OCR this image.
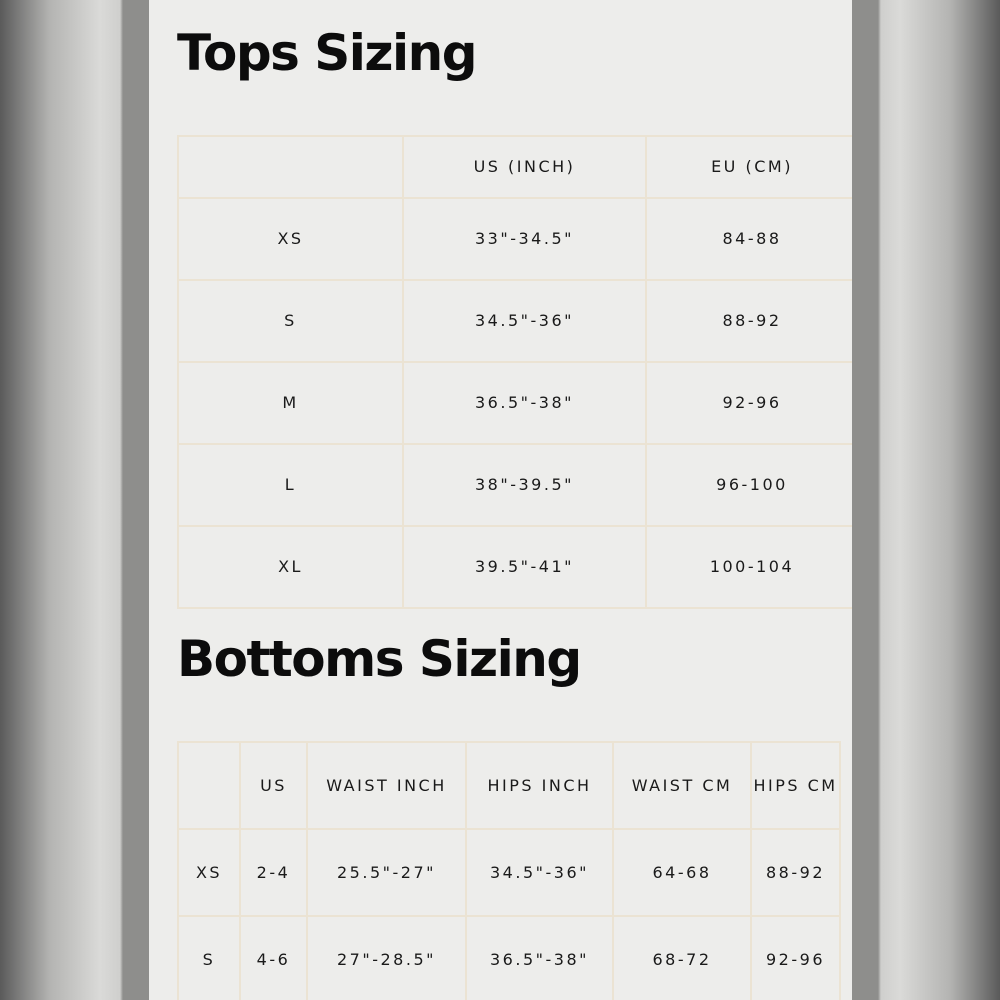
Tops Sizing
	US (INCH)	EU (CM)
XS	33"-34.5"	84-88
S	34.5"-36"	88-92
M	36.5"-38"	92-96
L	38"-39.5"	96-100
XL	39.5"-41"	100-104
Bottoms Sizing
	US	WAIST INCH	HIPS INCH	WAIST CM	HIPS CM
XS	2-4	25.5"-27"	34.5"-36"	64-68	88-92
S	4-6	27"-28.5"	36.5"-38"	68-72	92-96
